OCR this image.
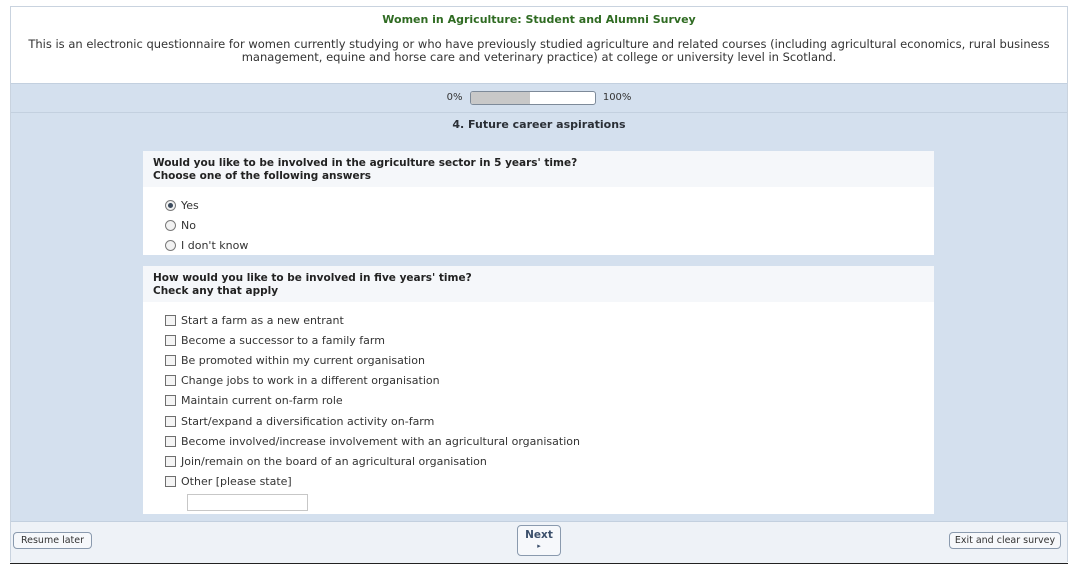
Women in Agriculture: Student and Alumni Survey
This is an electronic questionnaire for women currently studying or who have previously studied agriculture and related courses (including agricultural economics, rural business management, equine and horse care and veterinary practice) at college or university level in Scotland.
0%	100%
4. Future career aspirations
Would you like to be involved in the agriculture sector in 5 years' time?
Choose one of the following answers
Yes
No
I don't know
How would you like to be involved in five years' time?
Check any that apply
Start a farm as a new entrant
Become a successor to a family farm
Be promoted within my current organisation
Change jobs to work in a different organisation
Maintain current on-farm role
Start/expand a diversification activity on-farm
Become involved/increase involvement with an agricultural organisation
Join/remain on the board of an agricultural organisation
Other [please state]
Resume later	Next
▸	Exit and clear survey
